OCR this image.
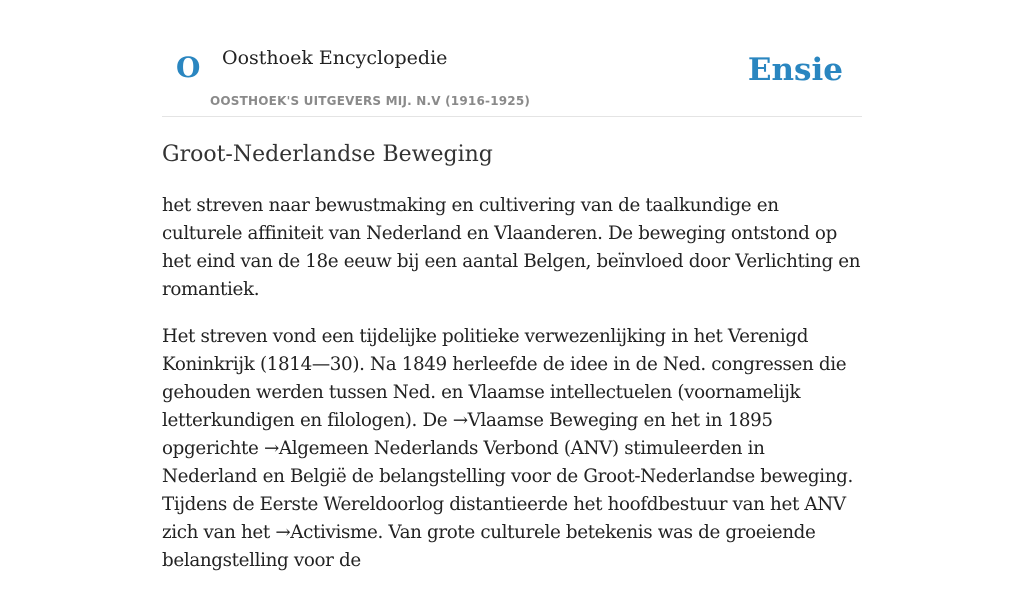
O Oosthoek Encyclopedie
OOSTHOEK'S UITGEVERS MIJ. N.V (1916-1925)
Ensie
Groot-Nederlandse Beweging

het streven naar bewustmaking en cultivering van de taalkundige en culturele affiniteit van Nederland en Vlaanderen. De beweging ontstond op het eind van de 18e eeuw bij een aantal Belgen, beïnvloed door Verlichting en romantiek.

Het streven vond een tijdelijke politieke verwezenlijking in het Verenigd Koninkrijk (1814—30). Na 1849 herleefde de idee in de Ned. congressen die gehouden werden tussen Ned. en Vlaamse intellectuelen (voornamelijk letterkundigen en filologen). De →Vlaamse Beweging en het in 1895 opgerichte →Algemeen Nederlands Verbond (ANV) stimuleerden in Nederland en België de belangstelling voor de Groot-Nederlandse beweging. Tijdens de Eerste Wereldoorlog distantieerde het hoofdbestuur van het ANV zich van het →Activisme. Van grote culturele betekenis was de groeiende belangstelling voor de
